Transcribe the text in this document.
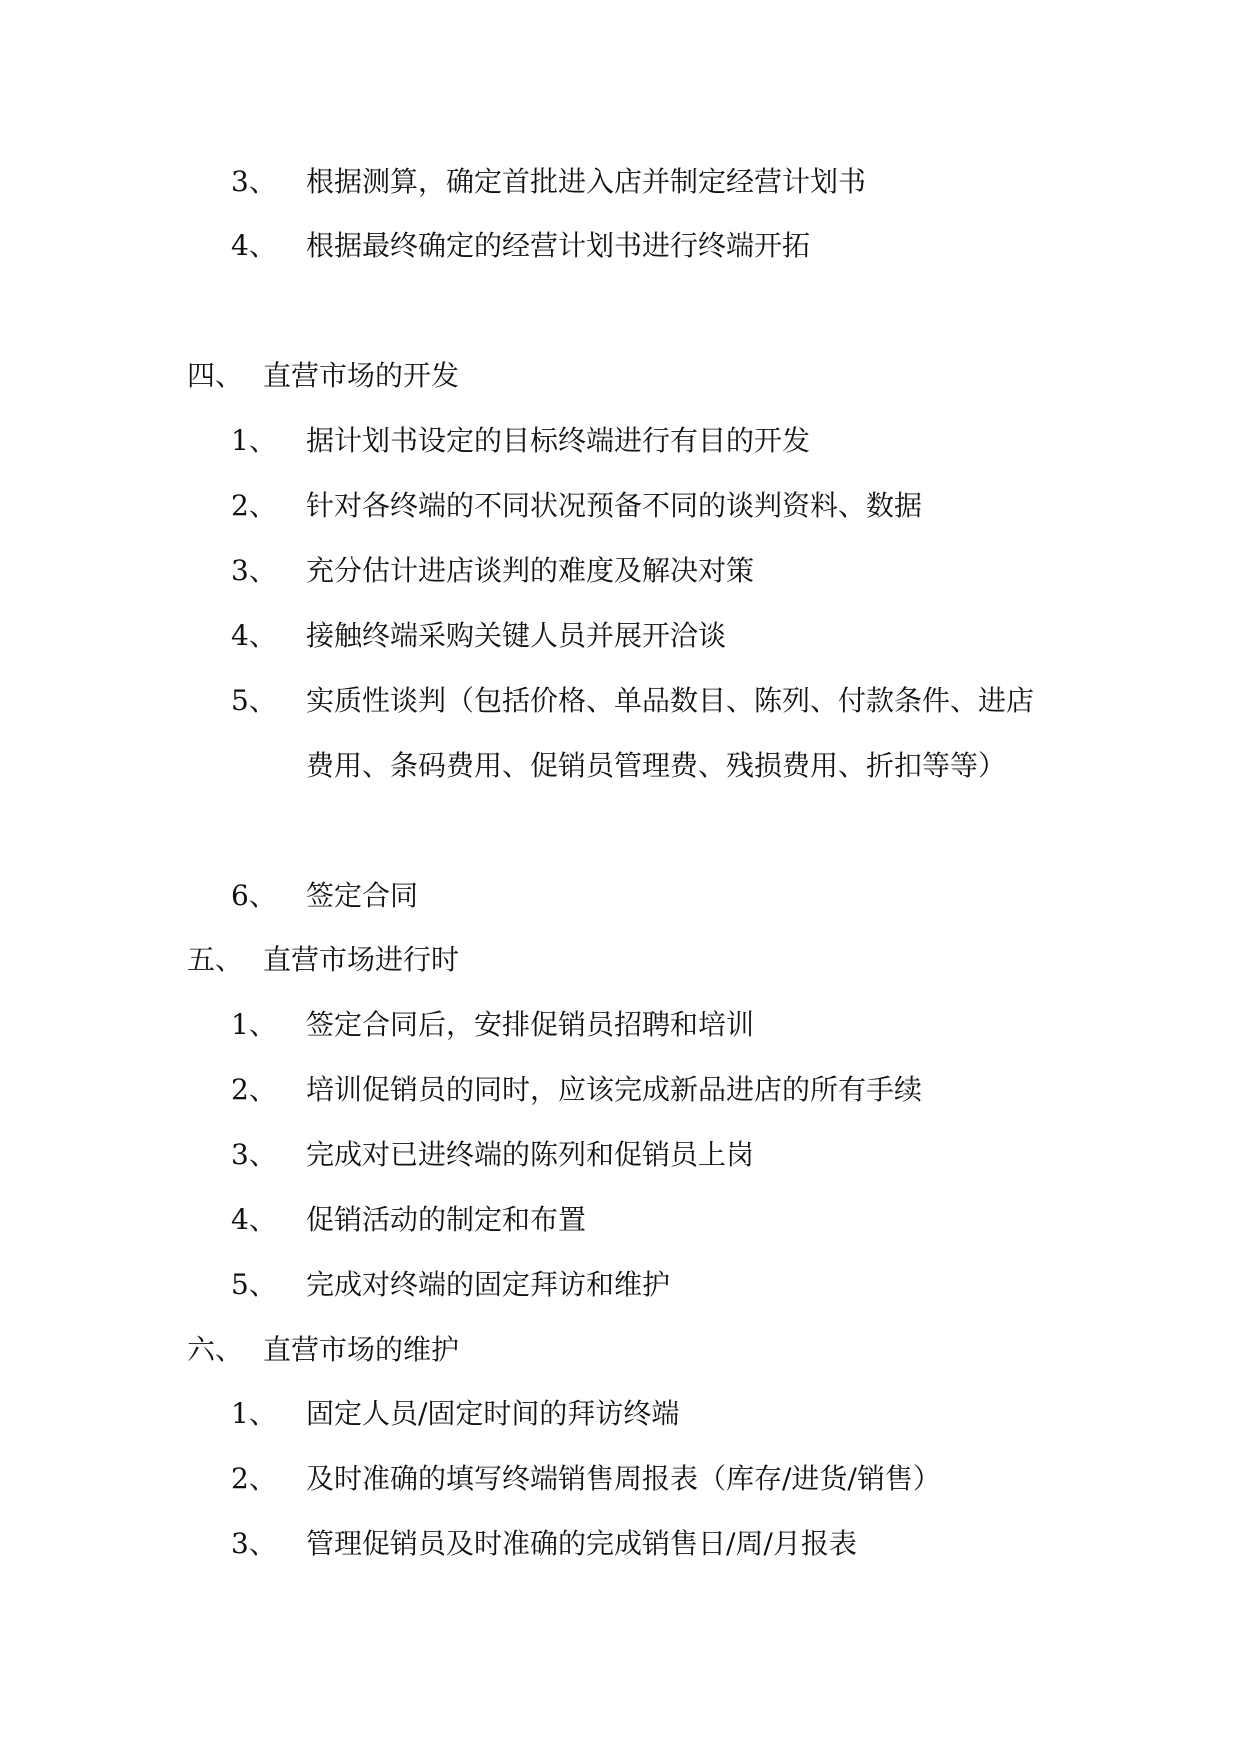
3、 根据测算，确定首批进入店并制定经营计划书
4、 根据最终确定的经营计划书进行终端开拓
四、 直营市场的开发
1、 据计划书设定的目标终端进行有目的开发
2、 针对各终端的不同状况预备不同的谈判资料、数据
3、 充分估计进店谈判的难度及解决对策
4、 接触终端采购关键人员并展开洽谈
5、 实质性谈判（包括价格、单品数目、陈列、付款条件、进店费用、条码费用、促销员管理费、残损费用、折扣等等）
6、 签定合同
五、 直营市场进行时
1、 签定合同后，安排促销员招聘和培训
2、 培训促销员的同时，应该完成新品进店的所有手续
3、 完成对已进终端的陈列和促销员上岗
4、 促销活动的制定和布置
5、 完成对终端的固定拜访和维护
六、 直营市场的维护
1、 固定人员/固定时间的拜访终端
2、 及时准确的填写终端销售周报表（库存/进货/销售）
3、 管理促销员及时准确的完成销售日/周/月报表
